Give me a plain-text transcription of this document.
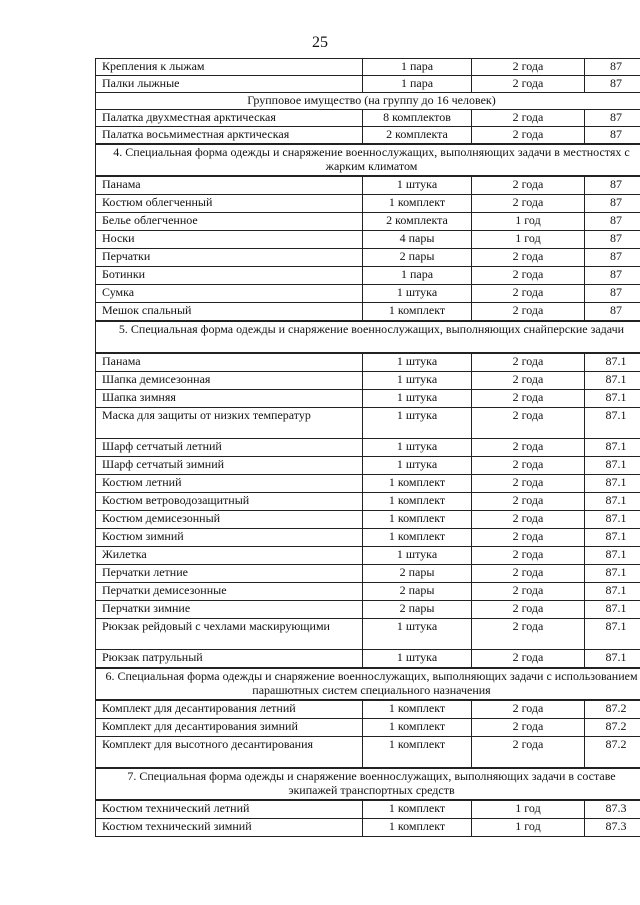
25
Крепления к лыжам	1 пара	2 года	87
Палки лыжные	1 пара	2 года	87
Групповое имущество (на группу до 16 человек)			
Палатка двухместная арктическая	8 комплектов	2 года	87
Палатка восьмиместная арктическая	2 комплекта	2 года	87
4. Специальная форма одежды и снаряжение военнослужащих, выполняющих задачи в местностях с жарким климатом			
Панама	1 штука	2 года	87
Костюм облегченный	1 комплект	2 года	87
Белье облегченное	2 комплекта	1 год	87
Носки	4 пары	1 год	87
Перчатки	2 пары	2 года	87
Ботинки	1 пара	2 года	87
Сумка	1 штука	2 года	87
Мешок спальный	1 комплект	2 года	87
5. Специальная форма одежды и снаряжение военнослужащих, выполняющих снайперские задачи			
Панама	1 штука	2 года	87.1
Шапка демисезонная	1 штука	2 года	87.1
Шапка зимняя	1 штука	2 года	87.1
Маска для защиты от низких температур	1 штука	2 года	87.1
Шарф сетчатый летний	1 штука	2 года	87.1
Шарф сетчатый зимний	1 штука	2 года	87.1
Костюм летний	1 комплект	2 года	87.1
Костюм ветроводозащитный	1 комплект	2 года	87.1
Костюм демисезонный	1 комплект	2 года	87.1
Костюм зимний	1 комплект	2 года	87.1
Жилетка	1 штука	2 года	87.1
Перчатки летние	2 пары	2 года	87.1
Перчатки демисезонные	2 пары	2 года	87.1
Перчатки зимние	2 пары	2 года	87.1
Рюкзак рейдовый с чехлами маскирующими	1 штука	2 года	87.1
Рюкзак патрульный	1 штука	2 года	87.1
6. Специальная форма одежды и снаряжение военнослужащих, выполняющих задачи с использованием парашютных систем специального назначения			
Комплект для десантирования летний	1 комплект	2 года	87.2
Комплект для десантирования зимний	1 комплект	2 года	87.2
Комплект для высотного десантирования	1 комплект	2 года	87.2
7. Специальная форма одежды и снаряжение военнослужащих, выполняющих задачи в составе экипажей транспортных средств			
Костюм технический летний	1 комплект	1 год	87.3
Костюм технический зимний	1 комплект	1 год	87.3
